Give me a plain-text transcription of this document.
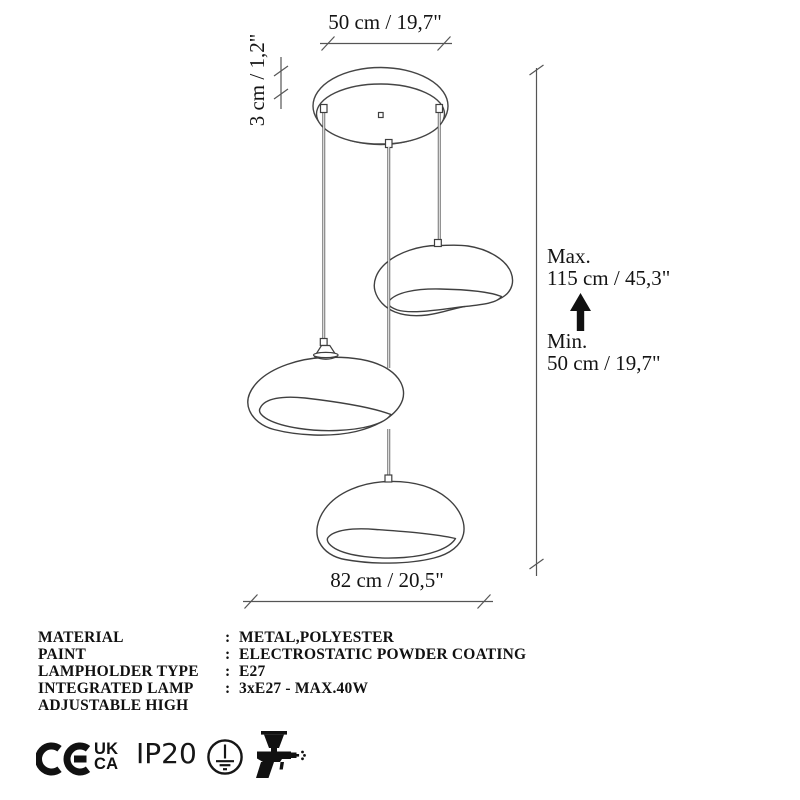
50 cm / 19,7"
3 cm / 1,2"
Max.
115 cm / 45,3"
Min.
50 cm / 19,7"
82 cm / 20,5"
MATERIAL	: METAL,POLYESTER
PAINT	: ELECTROSTATIC POWDER COATING
LAMPHOLDER TYPE	: E27
INTEGRATED LAMP	: 3xE27 - MAX.40W
ADJUSTABLE HIGH
UK
CA IP20
